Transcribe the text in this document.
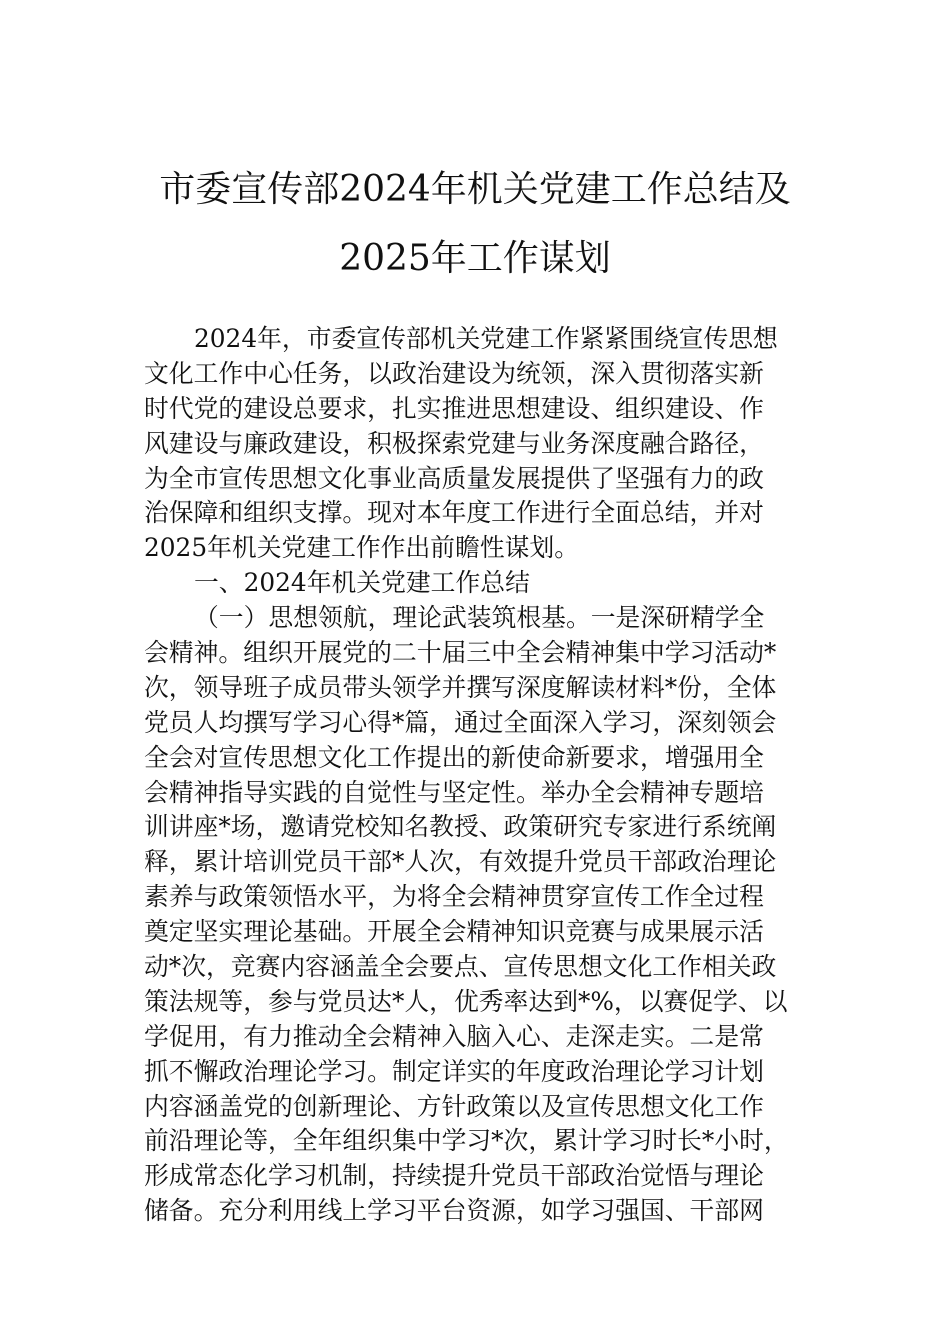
市委宣传部2024年机关党建工作总结及
2025年工作谋划
2024年，市委宣传部机关党建工作紧紧围绕宣传思想
文化工作中心任务，以政治建设为统领，深入贯彻落实新
时代党的建设总要求，扎实推进思想建设、组织建设、作
风建设与廉政建设，积极探索党建与业务深度融合路径，
为全市宣传思想文化事业高质量发展提供了坚强有力的政
治保障和组织支撑。现对本年度工作进行全面总结，并对
2025年机关党建工作作出前瞻性谋划。
一、2024年机关党建工作总结
（一）思想领航，理论武装筑根基。一是深研精学全
会精神。组织开展党的二十届三中全会精神集中学习活动*
次，领导班子成员带头领学并撰写深度解读材料*份，全体
党员人均撰写学习心得*篇，通过全面深入学习，深刻领会
全会对宣传思想文化工作提出的新使命新要求，增强用全
会精神指导实践的自觉性与坚定性。举办全会精神专题培
训讲座*场，邀请党校知名教授、政策研究专家进行系统阐
释，累计培训党员干部*人次，有效提升党员干部政治理论
素养与政策领悟水平，为将全会精神贯穿宣传工作全过程
奠定坚实理论基础。开展全会精神知识竞赛与成果展示活
动*次，竞赛内容涵盖全会要点、宣传思想文化工作相关政
策法规等，参与党员达*人，优秀率达到*%，以赛促学、以
学促用，有力推动全会精神入脑入心、走深走实。二是常
抓不懈政治理论学习。制定详实的年度政治理论学习计划
内容涵盖党的创新理论、方针政策以及宣传思想文化工作
前沿理论等，全年组织集中学习*次，累计学习时长*小时，
形成常态化学习机制，持续提升党员干部政治觉悟与理论
储备。充分利用线上学习平台资源，如学习强国、干部网
